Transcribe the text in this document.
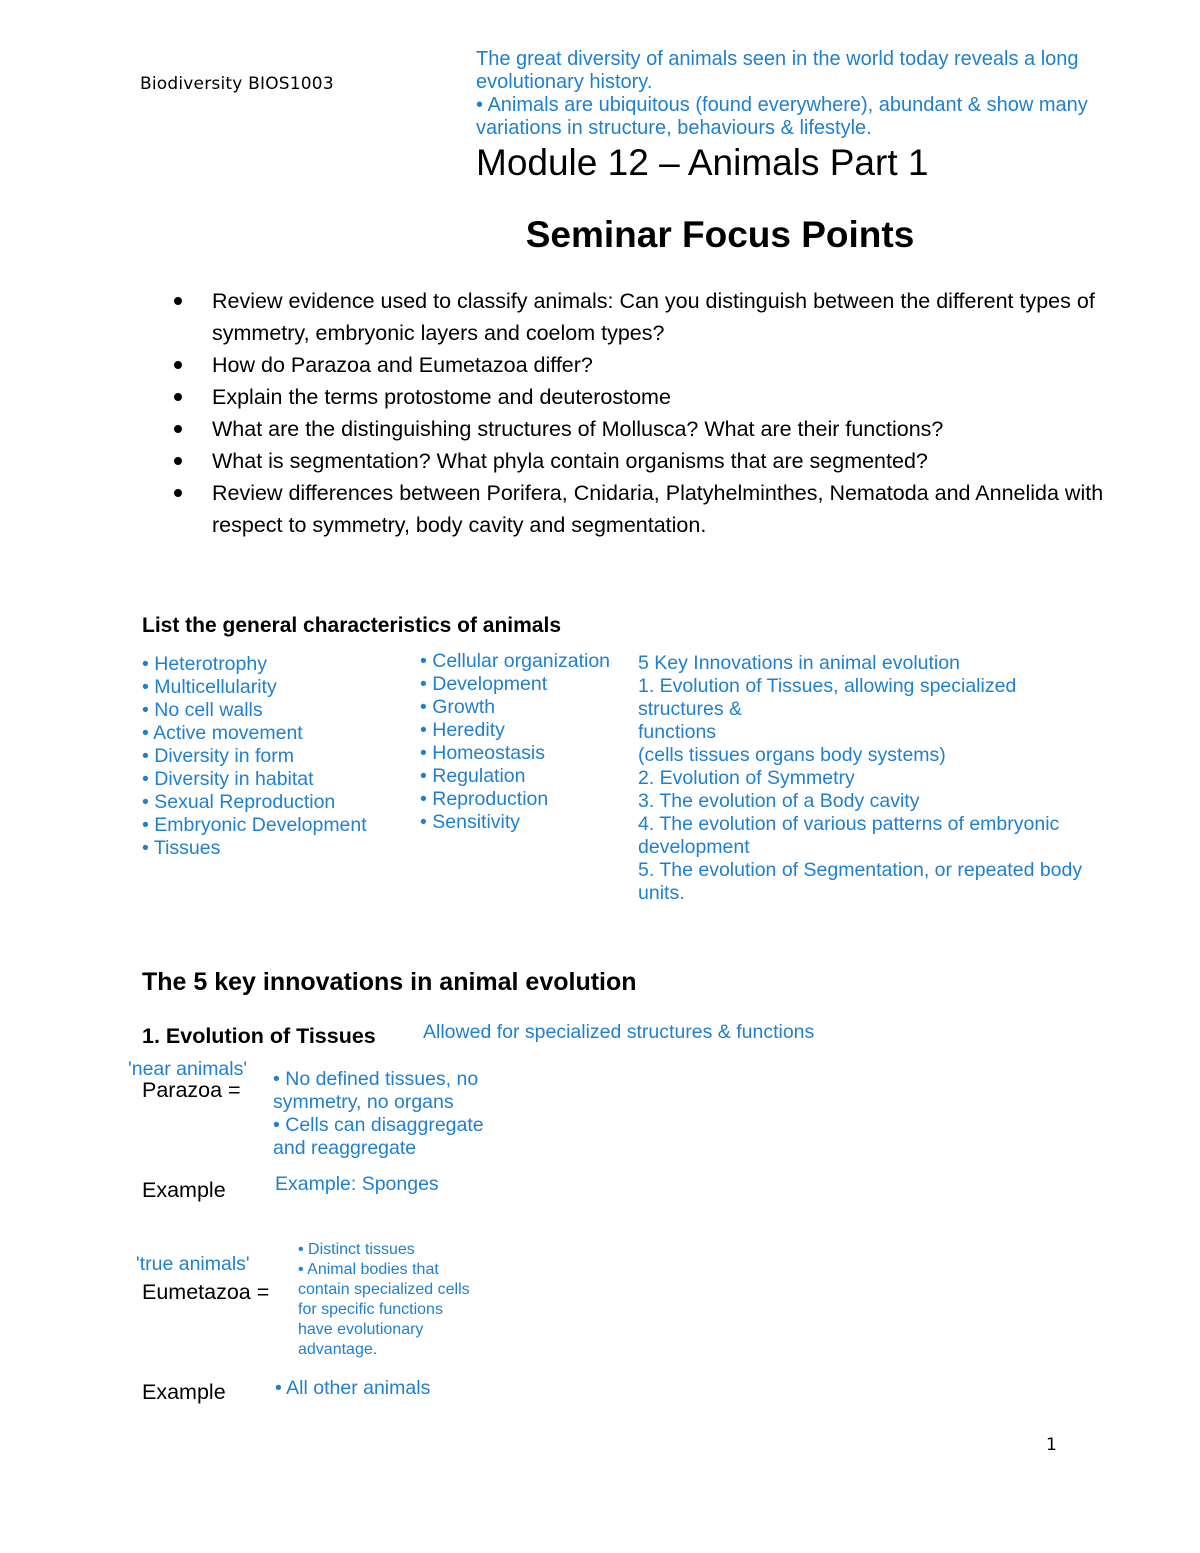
Biodiversity BIOS1003
The great diversity of animals seen in the world today reveals a long
evolutionary history.
• Animals are ubiquitous (found everywhere), abundant & show many
variations in structure, behaviours & lifestyle.
Module 12 – Animals Part 1
Seminar Focus Points
Review evidence used to classify animals: Can you distinguish between the different types of symmetry, embryonic layers and coelom types?
How do Parazoa and Eumetazoa differ?
Explain the terms protostome and deuterostome
What are the distinguishing structures of Mollusca? What are their functions?
What is segmentation? What phyla contain organisms that are segmented?
Review differences between Porifera, Cnidaria, Platyhelminthes, Nematoda and Annelida with respect to symmetry, body cavity and segmentation.
List the general characteristics of animals
• Heterotrophy
• Multicellularity
• No cell walls
• Active movement
• Diversity in form
• Diversity in habitat
• Sexual Reproduction
• Embryonic Development
• Tissues
• Cellular organization
• Development
• Growth
• Heredity
• Homeostasis
• Regulation
• Reproduction
• Sensitivity
5 Key Innovations in animal evolution
1. Evolution of Tissues, allowing specialized
structures &
functions
(cells tissues organs body systems)
2. Evolution of Symmetry
3. The evolution of a Body cavity
4. The evolution of various patterns of embryonic
development
5. The evolution of Segmentation, or repeated body
units.
The 5 key innovations in animal evolution
1. Evolution of Tissues Allowed for specialized structures & functions
'near animals'
Parazoa = • No defined tissues, no
symmetry, no organs
• Cells can disaggregate
and reaggregate
Example	Example: Sponges
'true animals'
Eumetazoa =
• Distinct tissues
• Animal bodies that
contain specialized cells
for specific functions
have evolutionary
advantage.
Example	• All other animals
1
